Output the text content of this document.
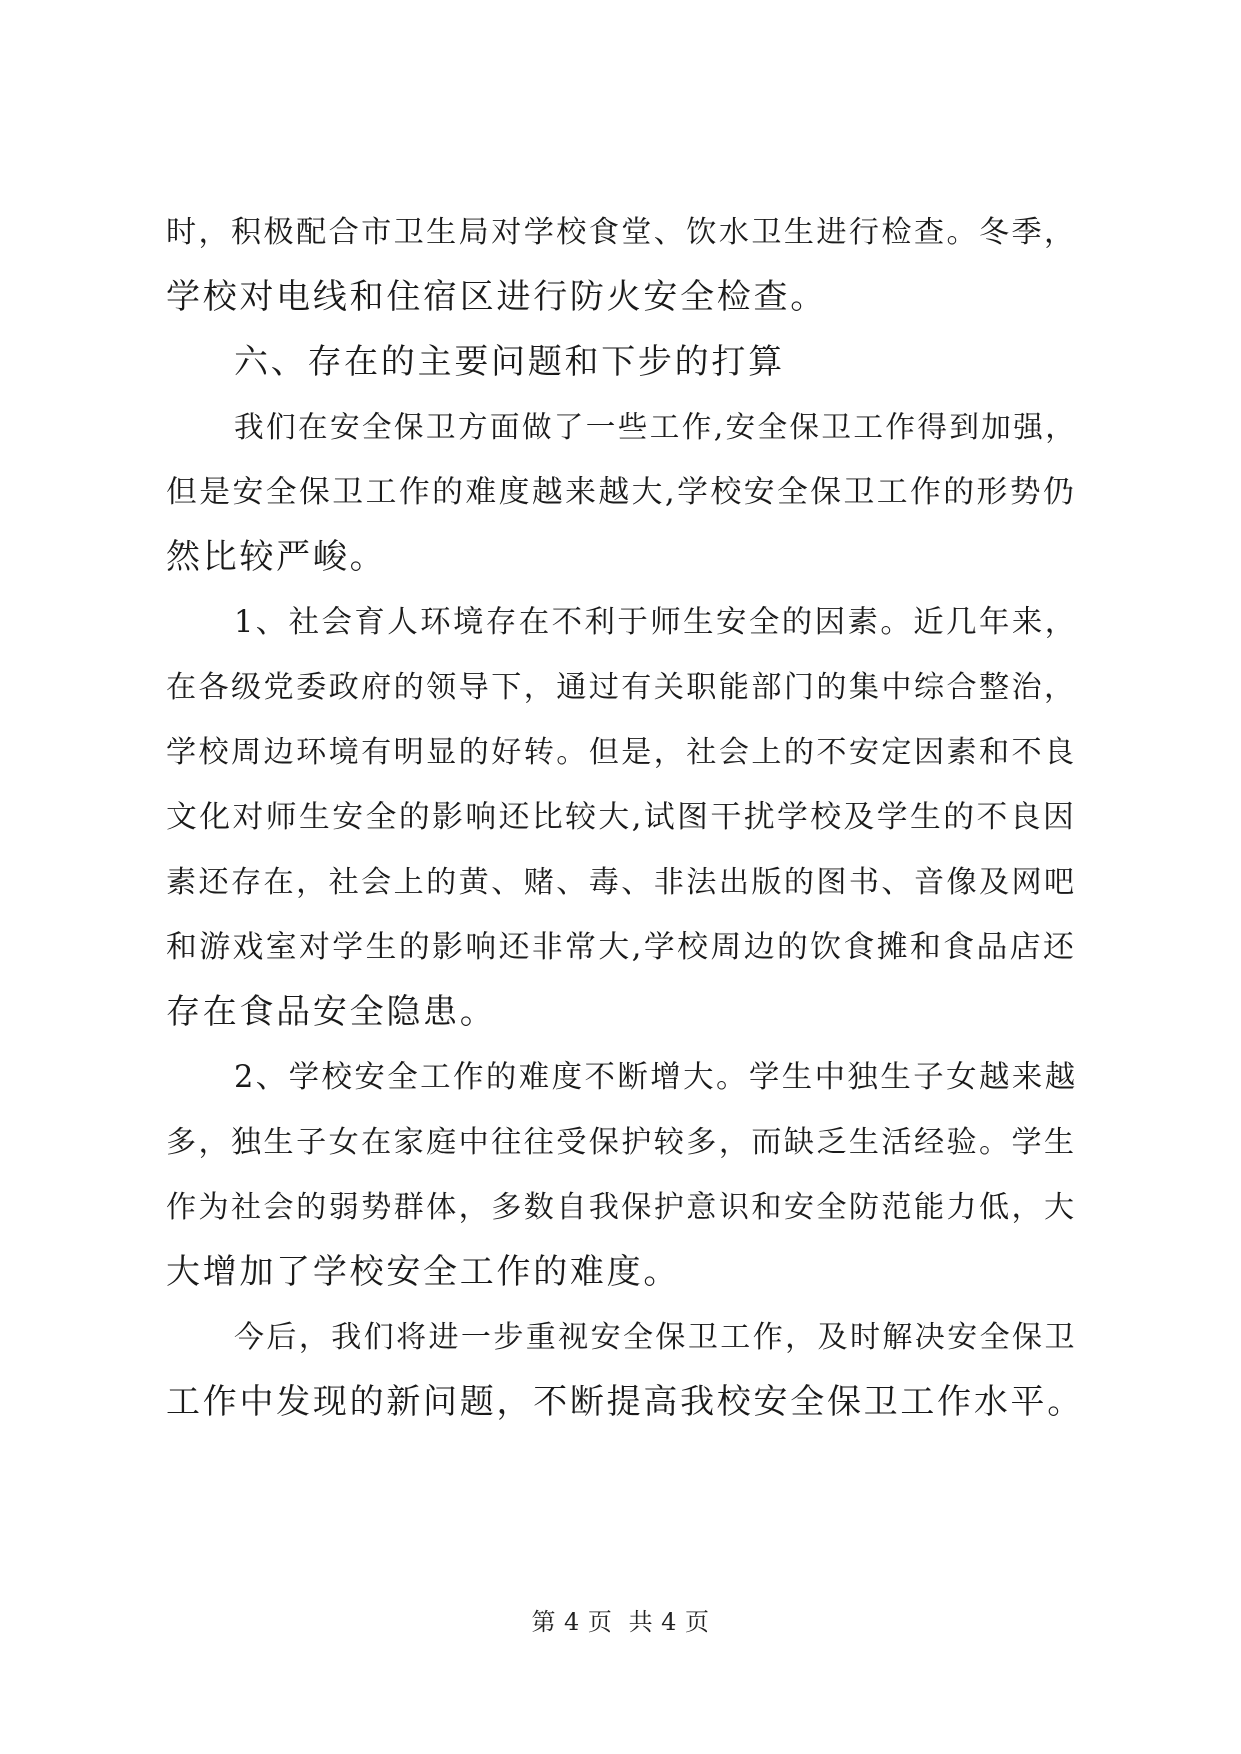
时，积极配合市卫生局对学校食堂、饮水卫生进行检查。冬季，
学校对电线和住宿区进行防火安全检查。
六、存在的主要问题和下步的打算
我们在安全保卫方面做了一些工作,安全保卫工作得到加强，
但是安全保卫工作的难度越来越大,学校安全保卫工作的形势仍
然比较严峻。
1、社会育人环境存在不利于师生安全的因素。近几年来，
在各级党委政府的领导下，通过有关职能部门的集中综合整治，
学校周边环境有明显的好转。但是，社会上的不安定因素和不良
文化对师生安全的影响还比较大,试图干扰学校及学生的不良因
素还存在，社会上的黄、赌、毒、非法出版的图书、音像及网吧
和游戏室对学生的影响还非常大,学校周边的饮食摊和食品店还
存在食品安全隐患。
2、学校安全工作的难度不断增大。学生中独生子女越来越
多，独生子女在家庭中往往受保护较多，而缺乏生活经验。学生
作为社会的弱势群体，多数自我保护意识和安全防范能力低，大
大增加了学校安全工作的难度。
今后，我们将进一步重视安全保卫工作，及时解决安全保卫
工作中发现的新问题，不断提高我校安全保卫工作水平。
第 4 页  共 4 页
